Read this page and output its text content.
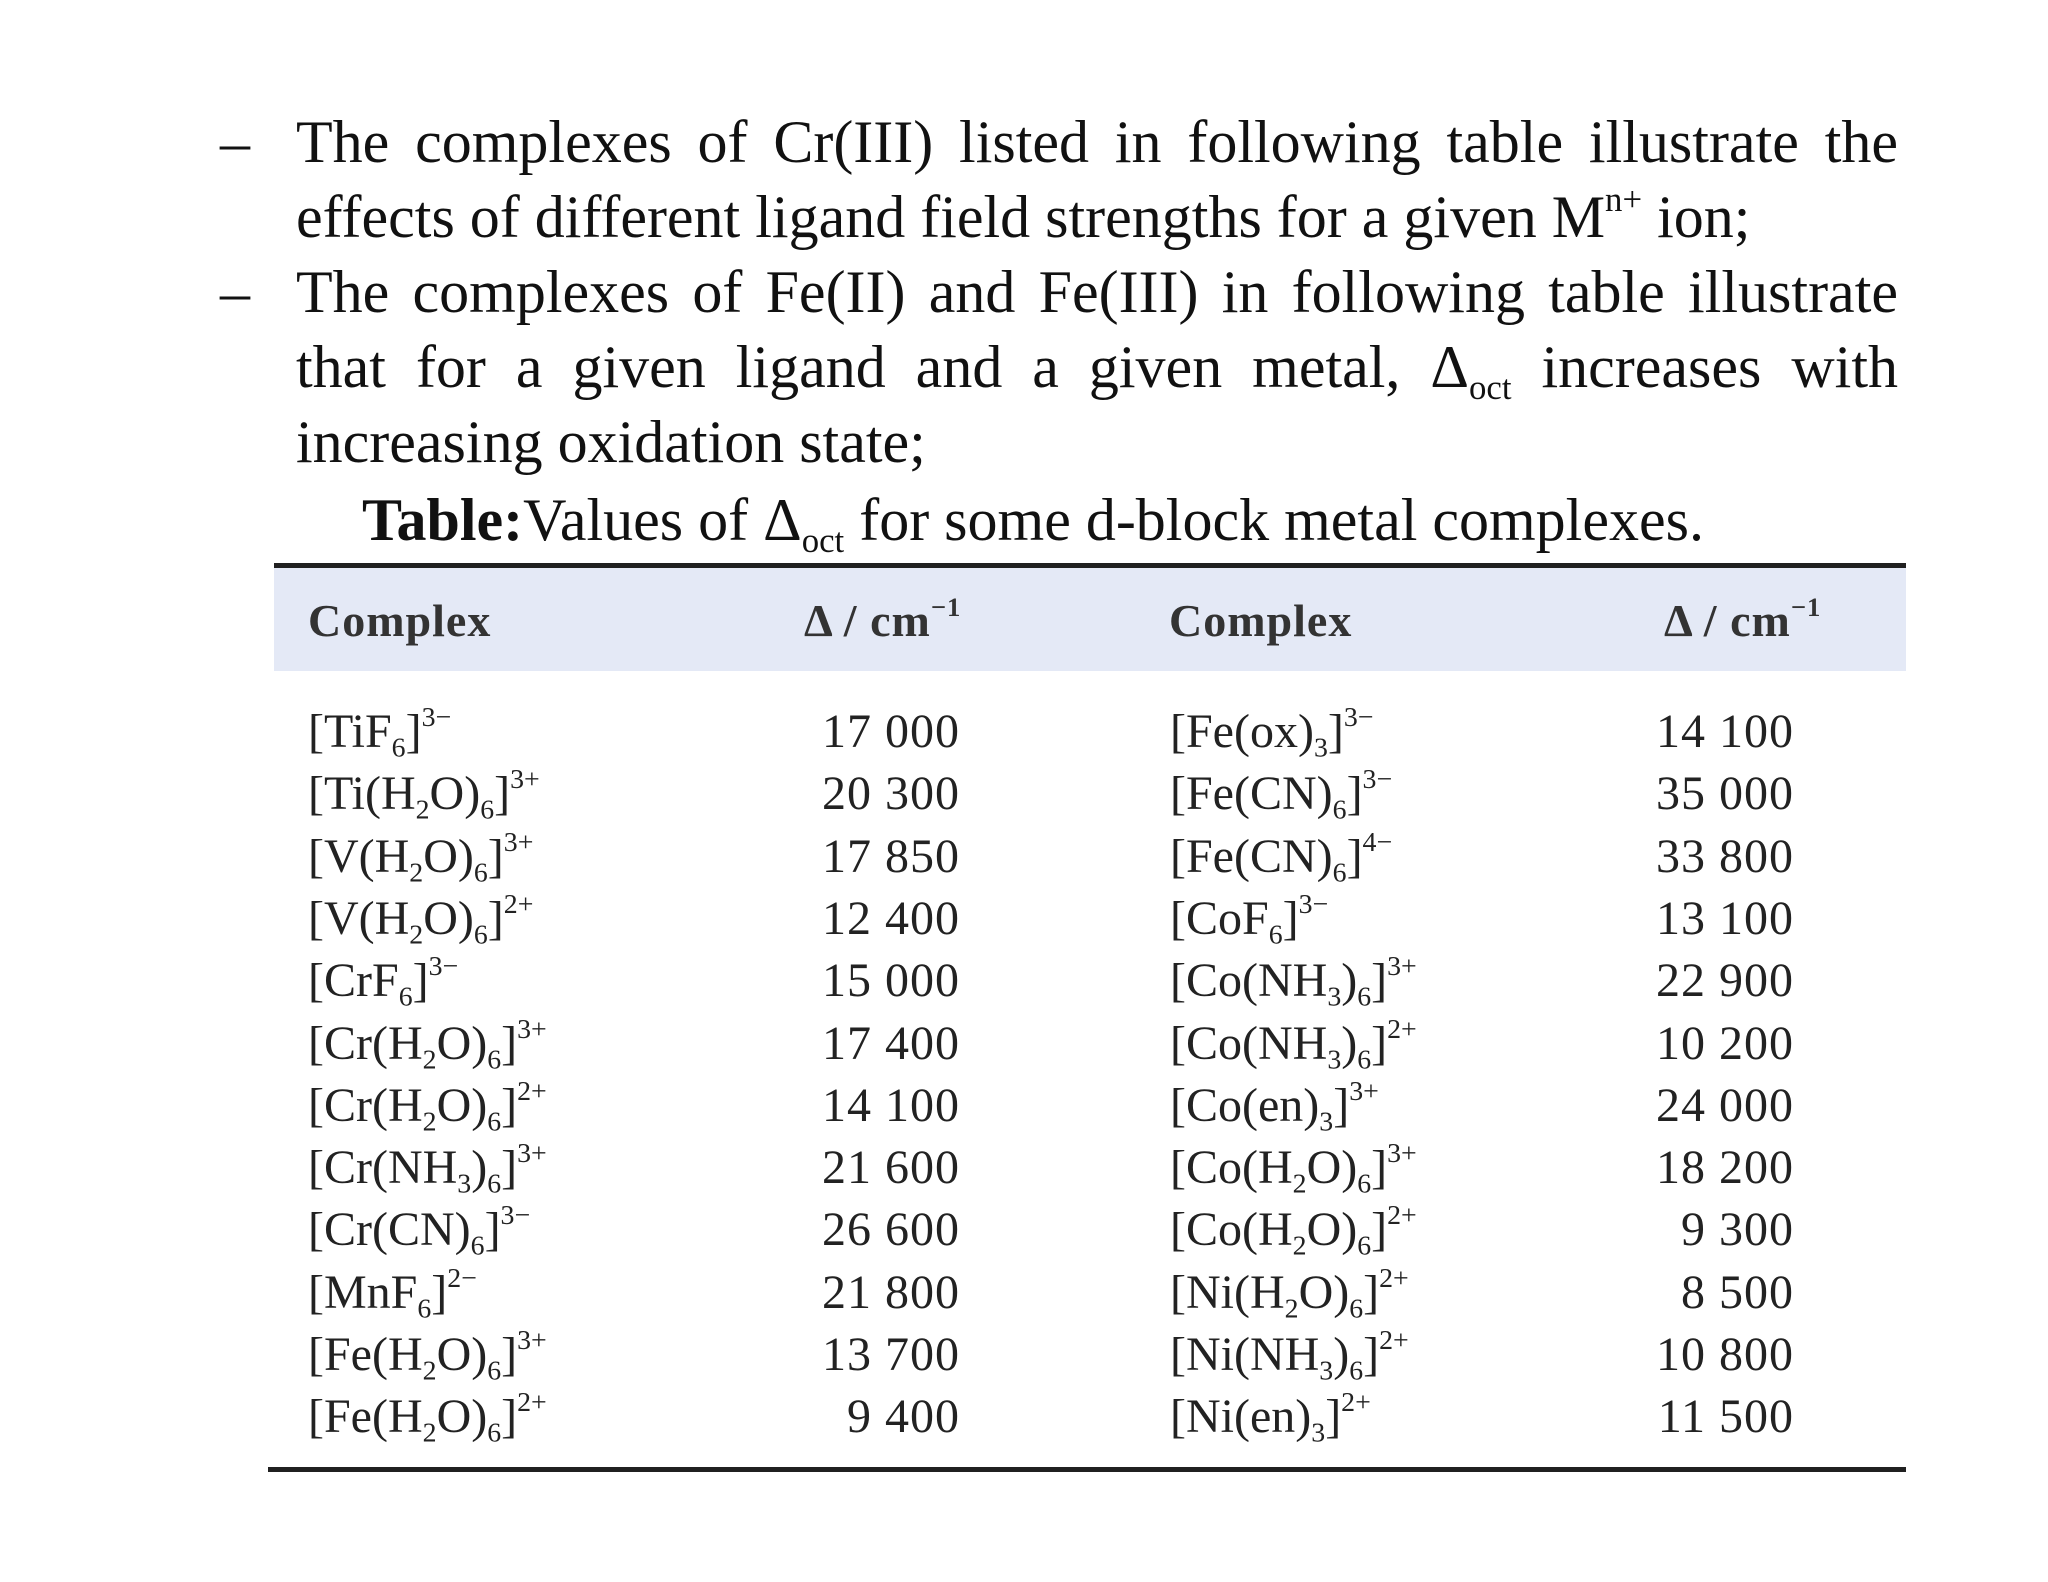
– The complexes of Cr(III) listed in following table illustrate the effects of different ligand field strengths for a given $M^{n+}$ ion;
– The complexes of Fe(II) and Fe(III) in following table illustrate that for a given ligand and a given metal, $\Delta_{oct}$ increases with increasing oxidation state;
Table:Values of $\Delta_{oct}$ for some d-block metal complexes.
Complex	Δ / $cm^{-1}$	Complex	Δ / $cm^{-1}$
$[TiF_6]^{3-}$	17 000	$[Fe(ox)_3]^{3-}$	14 100
$[Ti(H_2O)_6]^{3+}$	20 300	$[Fe(CN)_6]^{3-}$	35 000
$[V(H_2O)_6]^{3+}$	17 850	$[Fe(CN)_6]^{4-}$	33 800
$[V(H_2O)_6]^{2+}$	12 400	$[CoF_6]^{3-}$	13 100
$[CrF_6]^{3-}$	15 000	$[Co(NH_3)_6]^{3+}$	22 900
$[Cr(H_2O)_6]^{3+}$	17 400	$[Co(NH_3)_6]^{2+}$	10 200
$[Cr(H_2O)_6]^{2+}$	14 100	$[Co(en)_3]^{3+}$	24 000
$[Cr(NH_3)_6]^{3+}$	21 600	$[Co(H_2O)_6]^{3+}$	18 200
$[Cr(CN)_6]^{3-}$	26 600	$[Co(H_2O)_6]^{2+}$	9 300
$[MnF_6]^{2-}$	21 800	$[Ni(H_2O)_6]^{2+}$	8 500
$[Fe(H_2O)_6]^{3+}$	13 700	$[Ni(NH_3)_6]^{2+}$	10 800
$[Fe(H_2O)_6]^{2+}$	9 400	$[Ni(en)_3]^{2+}$	11 500
